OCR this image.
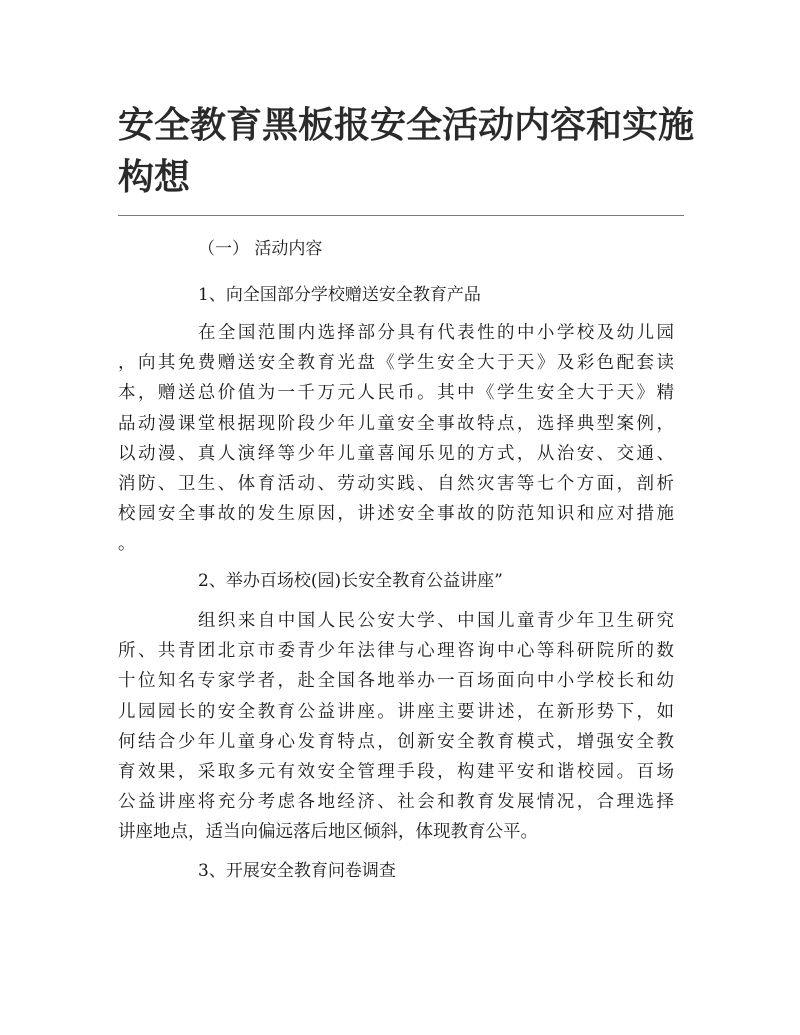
安全教育黑板报安全活动内容和实施
构想

（一） 活动内容

1、向全国部分学校赠送安全教育产品

在全国范围内选择部分具有代表性的中小学校及幼儿园
，向其免费赠送安全教育光盘《学生安全大于天》及彩色配套读
本，赠送总价值为一千万元人民币。其中《学生安全大于天》精
品动漫课堂根据现阶段少年儿童安全事故特点，选择典型案例，
以动漫、真人演绎等少年儿童喜闻乐见的方式，从治安、交通、
消防、卫生、体育活动、劳动实践、自然灾害等七个方面，剖析
校园安全事故的发生原因，讲述安全事故的防范知识和应对措施
。

2、举办百场校(园)长安全教育公益讲座”

组织来自中国人民公安大学、中国儿童青少年卫生研究
所、共青团北京市委青少年法律与心理咨询中心等科研院所的数
十位知名专家学者，赴全国各地举办一百场面向中小学校长和幼
儿园园长的安全教育公益讲座。讲座主要讲述，在新形势下，如
何结合少年儿童身心发育特点，创新安全教育模式，增强安全教
育效果，采取多元有效安全管理手段，构建平安和谐校园。百场
公益讲座将充分考虑各地经济、社会和教育发展情况，合理选择
讲座地点，适当向偏远落后地区倾斜，体现教育公平。

3、开展安全教育问卷调查
